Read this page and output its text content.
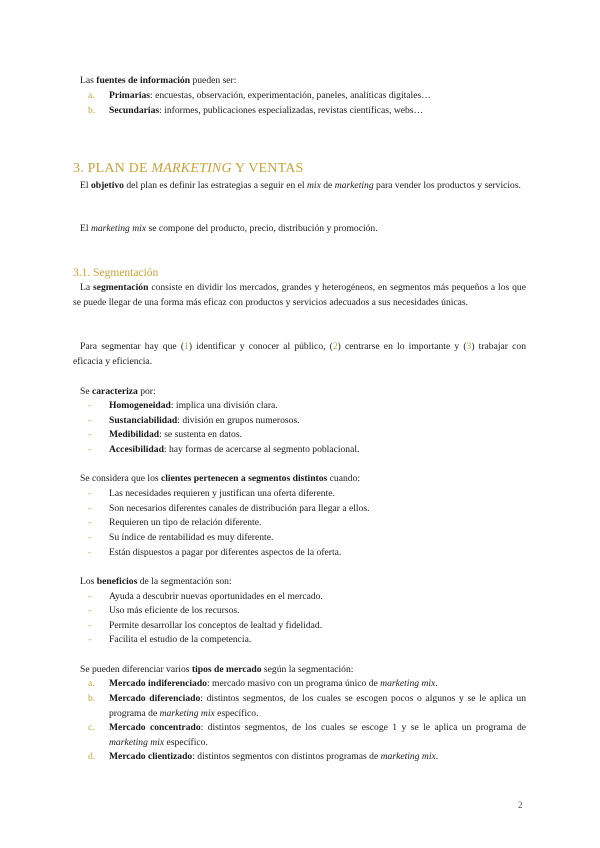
Las fuentes de información pueden ser:

a.	Primarias: encuestas, observación, experimentación, paneles, analíticas digitales…
b.	Secundarias: informes, publicaciones especializadas, revistas científicas, webs…
3. PLAN DE MARKETING Y VENTAS

El objetivo del plan es definir las estrategias a seguir en el mix de marketing para vender los productos y servicios.

El marketing mix se compone del producto, precio, distribución y promoción.

3.1. Segmentación

La segmentación consiste en dividir los mercados, grandes y heterogéneos, en segmentos más pequeños a los que se puede llegar de una forma más eficaz con productos y servicios adecuados a sus necesidades únicas.

Para segmentar hay que (1) identificar y conocer al público, (2) centrarse en lo importante y (3) trabajar con eficacia y eficiencia.

Se caracteriza por:

-	Homogeneidad: implica una división clara.
-	Sustanciabilidad: división en grupos numerosos.
-	Medibilidad: se sustenta en datos.
-	Accesibilidad: hay formas de acercarse al segmento poblacional.

Se considera que los clientes pertenecen a segmentos distintos cuando:

-	Las necesidades requieren y justifican una oferta diferente.
-	Son necesarios diferentes canales de distribución para llegar a ellos.
-	Requieren un tipo de relación diferente.
-	Su índice de rentabilidad es muy diferente.
-	Están dispuestos a pagar por diferentes aspectos de la oferta.

Los beneficios de la segmentación son:

-	Ayuda a descubrir nuevas oportunidades en el mercado.
-	Uso más eficiente de los recursos.
-	Permite desarrollar los conceptos de lealtad y fidelidad.
-	Facilita el estudio de la competencia.

Se pueden diferenciar varios tipos de mercado según la segmentación:

a.	Mercado indiferenciado: mercado masivo con un programa único de marketing mix.
b.	Mercado diferenciado: distintos segmentos, de los cuales se escogen pocos o algunos y se le aplica un programa de marketing mix específico.
c.	Mercado concentrado: distintos segmentos, de los cuales se escoge 1 y se le aplica un programa de marketing mix específico.
d.	Mercado clientizado: distintos segmentos con distintos programas de marketing mix.
2
